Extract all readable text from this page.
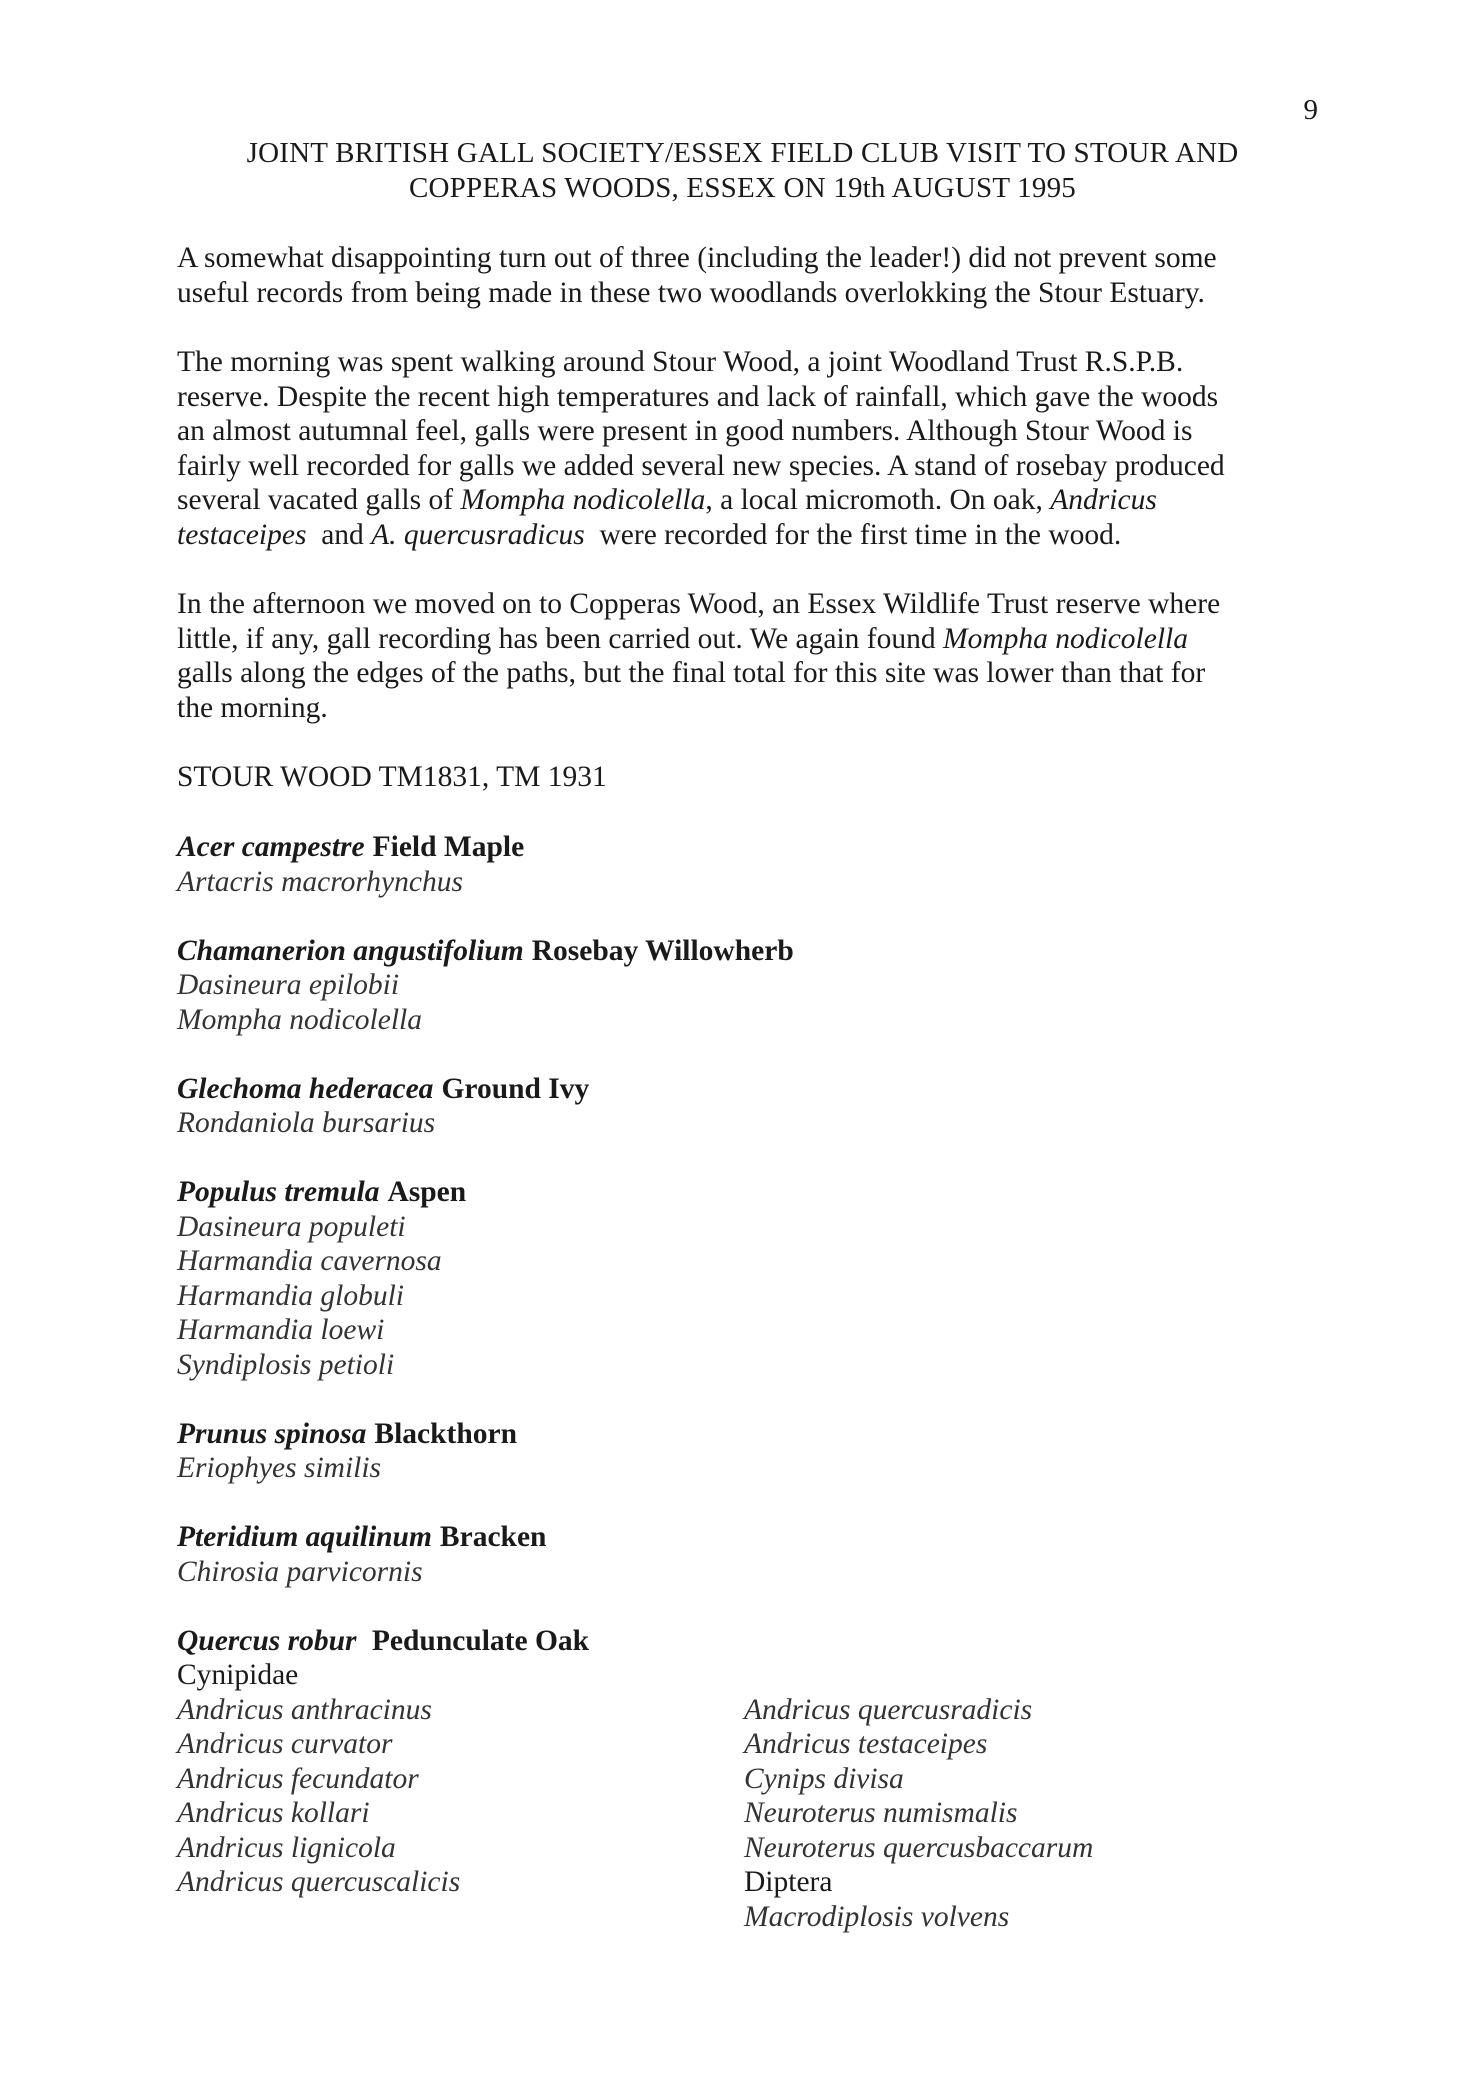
9
JOINT BRITISH GALL SOCIETY/ESSEX FIELD CLUB VISIT TO STOUR AND
COPPERAS WOODS, ESSEX ON 19th AUGUST 1995

A somewhat disappointing turn out of three (including the leader!) did not prevent some
useful records from being made in these two woodlands overlokking the Stour Estuary.

The morning was spent walking around Stour Wood, a joint Woodland Trust R.S.P.B.
reserve. Despite the recent high temperatures and lack of rainfall, which gave the woods
an almost autumnal feel, galls were present in good numbers. Although Stour Wood is
fairly well recorded for galls we added several new species. A stand of rosebay produced
several vacated galls of Mompha nodicolella, a local micromoth. On oak, Andricus
testaceipes  and A. quercusradicus  were recorded for the first time in the wood.

In the afternoon we moved on to Copperas Wood, an Essex Wildlife Trust reserve where
little, if any, gall recording has been carried out. We again found Mompha nodicolella
galls along the edges of the paths, but the final total for this site was lower than that for
the morning.

STOUR WOOD TM1831, TM 1931
Acer campestre Field Maple
Artacris macrorhynchus
Chamanerion angustifolium Rosebay Willowherb
Dasineura epilobii
Mompha nodicolella
Glechoma hederacea Ground Ivy
Rondaniola bursarius
Populus tremula Aspen
Dasineura populeti
Harmandia cavernosa
Harmandia globuli
Harmandia loewi
Syndiplosis petioli
Prunus spinosa Blackthorn
Eriophyes similis
Pteridium aquilinum Bracken
Chirosia parvicornis
Quercus robur Pedunculate Oak
Cynipidae
Andricus anthracinus
Andricus curvator
Andricus fecundator
Andricus kollari
Andricus lignicola
Andricus quercuscalicis
Andricus quercusradicis
Andricus testaceipes
Cynips divisa
Neuroterus numismalis
Neuroterus quercusbaccarum
Diptera
Macrodiplosis volvens
